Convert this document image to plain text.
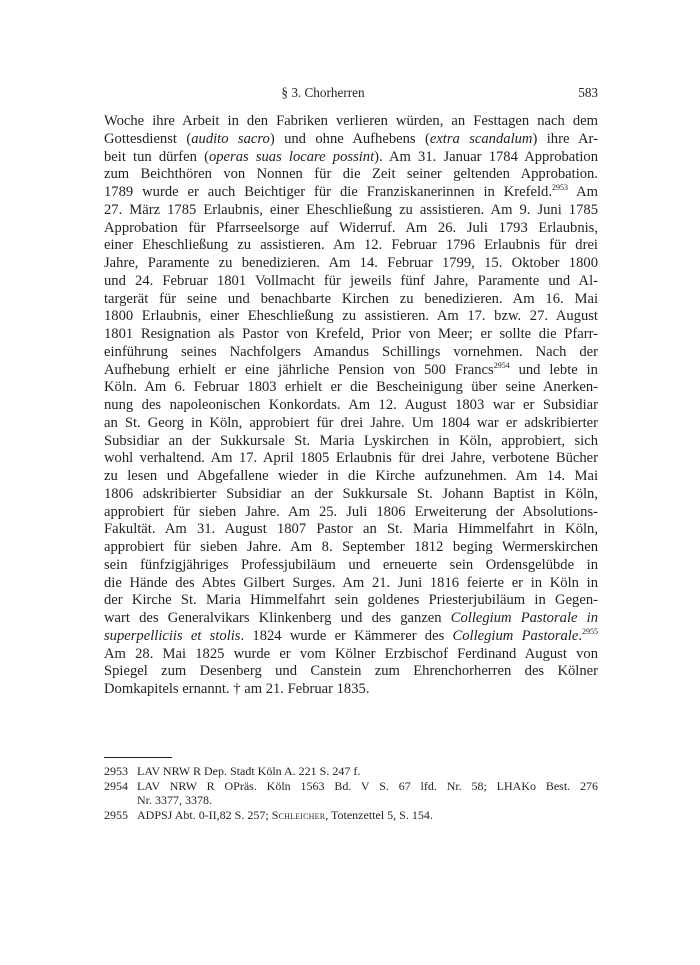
§ 3. Chorherren	583
Woche ihre Arbeit in den Fabriken verlieren würden, an Festtagen nach dem
Gottesdienst (audito sacro) und ohne Aufhebens (extra scandalum) ihre Ar-
beit tun dürfen (operas suas locare possint). Am 31. Januar 1784 Approbation
zum Beichthören von Nonnen für die Zeit seiner geltenden Approbation.
1789 wurde er auch Beichtiger für die Franziskanerinnen in Krefeld.$^{2953}$ Am
27. März 1785 Erlaubnis, einer Eheschließung zu assistieren. Am 9. Juni 1785
Approbation für Pfarrseelsorge auf Widerruf. Am 26. Juli 1793 Erlaubnis,
einer Eheschließung zu assistieren. Am 12. Februar 1796 Erlaubnis für drei
Jahre, Paramente zu benedizieren. Am 14. Februar 1799, 15. Oktober 1800
und 24. Februar 1801 Vollmacht für jeweils fünf Jahre, Paramente und Al-
targerät für seine und benachbarte Kirchen zu benedizieren. Am 16. Mai
1800 Erlaubnis, einer Eheschließung zu assistieren. Am 17. bzw. 27. August
1801 Resignation als Pastor von Krefeld, Prior von Meer; er sollte die Pfarr-
einführung seines Nachfolgers Amandus Schillings vornehmen. Nach der
Aufhebung erhielt er eine jährliche Pension von 500 Francs$^{2954}$ und lebte in
Köln. Am 6. Februar 1803 erhielt er die Bescheinigung über seine Anerken-
nung des napoleonischen Konkordats. Am 12. August 1803 war er Subsidiar
an St. Georg in Köln, approbiert für drei Jahre. Um 1804 war er adskribierter
Subsidiar an der Sukkursale St. Maria Lyskirchen in Köln, approbiert, sich
wohl verhaltend. Am 17. April 1805 Erlaubnis für drei Jahre, verbotene Bücher
zu lesen und Abgefallene wieder in die Kirche aufzunehmen. Am 14. Mai
1806 adskribierter Subsidiar an der Sukkursale St. Johann Baptist in Köln,
approbiert für sieben Jahre. Am 25. Juli 1806 Erweiterung der Absolutions-
Fakultät. Am 31. August 1807 Pastor an St. Maria Himmelfahrt in Köln,
approbiert für sieben Jahre. Am 8. September 1812 beging Wermerskirchen
sein fünfzigjähriges Professjubiläum und erneuerte sein Ordensgelübde in
die Hände des Abtes Gilbert Surges. Am 21. Juni 1816 feierte er in Köln in
der Kirche St. Maria Himmelfahrt sein goldenes Priesterjubiläum in Gegen-
wart des Generalvikars Klinkenberg und des ganzen Collegium Pastorale in
superpelliciis et stolis. 1824 wurde er Kämmerer des Collegium Pastorale.$^{2955}$
Am 28. Mai 1825 wurde er vom Kölner Erzbischof Ferdinand August von
Spiegel zum Desenberg und Canstein zum Ehrenchorherren des Kölner
Domkapitels ernannt. † am 21. Februar 1835.
2953 LAV NRW R Dep. Stadt Köln A. 221 S. 247 f.
2954 LAV NRW R OPräs. Köln 1563 Bd. V S. 67 lfd. Nr. 58; LHAKo Best. 276
Nr. 3377, 3378.
2955 ADPSJ Abt. 0-II,82 S. 257; Schleicher, Totenzettel 5, S. 154.
